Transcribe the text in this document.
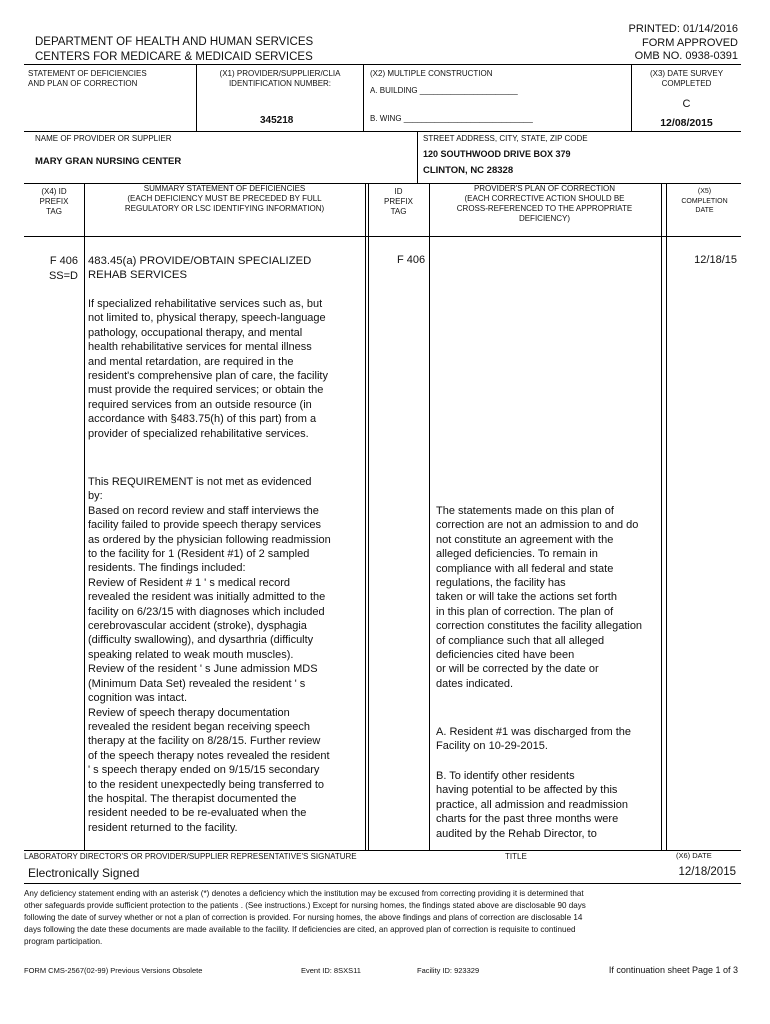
DEPARTMENT OF HEALTH AND HUMAN SERVICES
CENTERS FOR MEDICARE & MEDICAID SERVICES
PRINTED: 01/14/2016
FORM APPROVED
OMB NO. 0938-0391
STATEMENT OF DEFICIENCIES
AND PLAN OF CORRECTION
(X1) PROVIDER/SUPPLIER/CLIA
IDENTIFICATION NUMBER:
345218
(X2) MULTIPLE CONSTRUCTION
A. BUILDING ______________________
B. WING _____________________________
(X3) DATE SURVEY
COMPLETED
C
12/08/2015
NAME OF PROVIDER OR SUPPLIER
MARY GRAN NURSING CENTER
STREET ADDRESS, CITY, STATE, ZIP CODE
120 SOUTHWOOD DRIVE BOX 379
CLINTON, NC 28328
(X4) ID
PREFIX
TAG
SUMMARY STATEMENT OF DEFICIENCIES
(EACH DEFICIENCY MUST BE PRECEDED BY FULL
REGULATORY OR LSC IDENTIFYING INFORMATION)
ID
PREFIX
TAG
PROVIDER'S PLAN OF CORRECTION
(EACH CORRECTIVE ACTION SHOULD BE
CROSS-REFERENCED TO THE APPROPRIATE
DEFICIENCY)
(X5)
COMPLETION
DATE
F 406
SS=D
483.45(a) PROVIDE/OBTAIN SPECIALIZED
REHAB SERVICES
If specialized rehabilitative services such as, but
not limited to, physical therapy, speech-language
pathology, occupational therapy, and mental
health rehabilitative services for mental illness
and mental retardation, are required in the
resident's comprehensive plan of care, the facility
must provide the required services; or obtain the
required services from an outside resource (in
accordance with §483.75(h) of this part) from a
provider of specialized rehabilitative services.
This REQUIREMENT is not met as evidenced
by:
Based on record review and staff interviews the
facility failed to provide speech therapy services
as ordered by the physician following readmission
to the facility for 1 (Resident #1) of 2 sampled
residents. The findings included:
Review of Resident # 1 ' s medical record
revealed the resident was initially admitted to the
facility on 6/23/15 with diagnoses which included
cerebrovascular accident (stroke), dysphagia
(difficulty swallowing), and dysarthria (difficulty
speaking related to weak mouth muscles).
Review of the resident ' s June admission MDS
(Minimum Data Set) revealed the resident ' s
cognition was intact.
Review of speech therapy documentation
revealed the resident began receiving speech
therapy at the facility on 8/28/15. Further review
of the speech therapy notes revealed the resident
' s speech therapy ended on 9/15/15 secondary
to the resident unexpectedly being transferred to
the hospital. The therapist documented the
resident needed to be re-evaluated when the
resident returned to the facility.
F 406
The statements made on this plan of
correction are not an admission to and do
not constitute an agreement with the
alleged deficiencies. To remain in
compliance with all federal and state
regulations, the facility has
taken or will take the actions set forth
in this plan of correction. The plan of
correction constitutes the facility allegation
of compliance such that all alleged
deficiencies cited have been
or will be corrected by the date or
dates indicated.
A. Resident #1 was discharged from the
Facility on 10-29-2015.
B. To identify other residents
having potential to be affected by this
practice, all admission and readmission
charts for the past three months were
audited by the Rehab Director, to
12/18/15
LABORATORY DIRECTOR'S OR PROVIDER/SUPPLIER REPRESENTATIVE'S SIGNATURE	TITLE	(X6) DATE
Electronically Signed	12/18/2015
Any deficiency statement ending with an asterisk (*) denotes a deficiency which the institution may be excused from correcting providing it is determined that
other safeguards provide sufficient protection to the patients . (See instructions.) Except for nursing homes, the findings stated above are disclosable 90 days
following the date of survey whether or not a plan of correction is provided. For nursing homes, the above findings and plans of correction are disclosable 14
days following the date these documents are made available to the facility. If deficiencies are cited, an approved plan of correction is requisite to continued
program participation.
FORM CMS-2567(02-99) Previous Versions Obsolete	Event ID: 8SXS11	Facility ID: 923329	If continuation sheet Page 1 of 3
